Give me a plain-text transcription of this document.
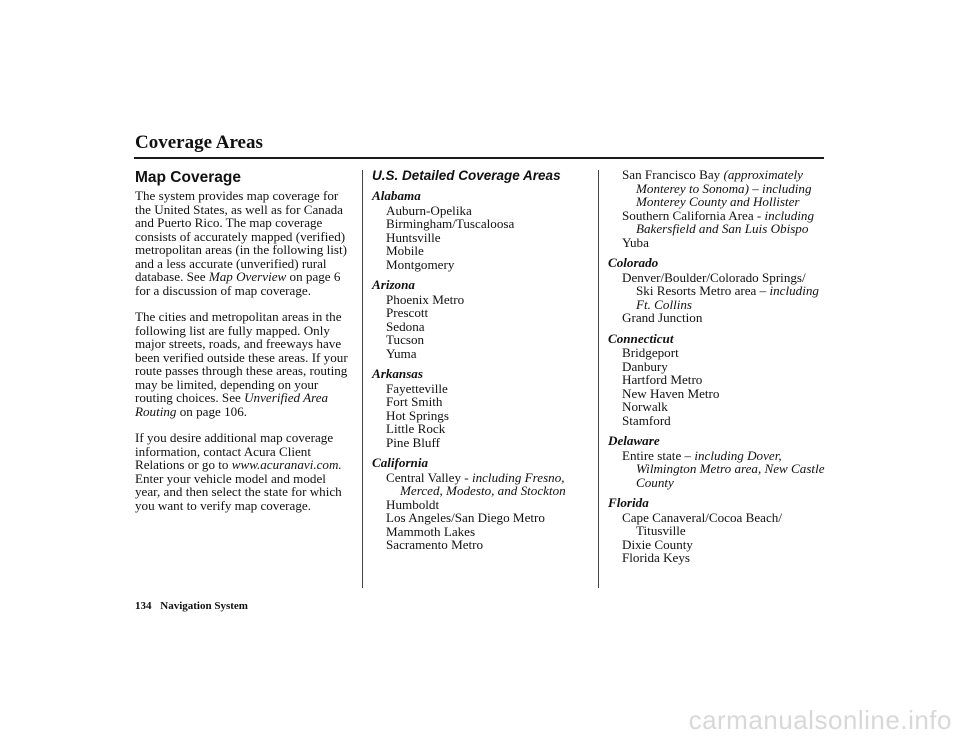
Coverage Areas
Map Coverage

The system provides map coverage for the United States, as well as for Canada and Puerto Rico. The map coverage consists of accurately mapped (verified) metropolitan areas (in the following list) and a less accurate (unverified) rural database. See Map Overview on page 6 for a discussion of map coverage.

The cities and metropolitan areas in the following list are fully mapped. Only major streets, roads, and freeways have been verified outside these areas. If your route passes through these areas, routing may be limited, depending on your routing choices. See Unverified Area Routing on page 106.

If you desire additional map coverage information, contact Acura Client Relations or go to www.acuranavi.com. Enter your vehicle model and model year, and then select the state for which you want to verify map coverage.

U.S. Detailed Coverage Areas
Alabama
Auburn-Opelika
Birmingham/Tuscaloosa
Huntsville
Mobile
Montgomery
Arizona
Phoenix Metro
Prescott
Sedona
Tucson
Yuma
Arkansas
Fayetteville
Fort Smith
Hot Springs
Little Rock
Pine Bluff
California
Central Valley - including Fresno, Merced, Modesto, and Stockton
Humboldt
Los Angeles/San Diego Metro
Mammoth Lakes
Sacramento Metro
San Francisco Bay (approximately Monterey to Sonoma) – including Monterey County and Hollister
Southern California Area - including Bakersfield and San Luis Obispo
Yuba
Colorado
Denver/Boulder/Colorado Springs/ Ski Resorts Metro area – including Ft. Collins
Grand Junction
Connecticut
Bridgeport
Danbury
Hartford Metro
New Haven Metro
Norwalk
Stamford
Delaware
Entire state – including Dover, Wilmington Metro area, New Castle County
Florida
Cape Canaveral/Cocoa Beach/ Titusville
Dixie County
Florida Keys
134 Navigation System
carmanualsonline.info
